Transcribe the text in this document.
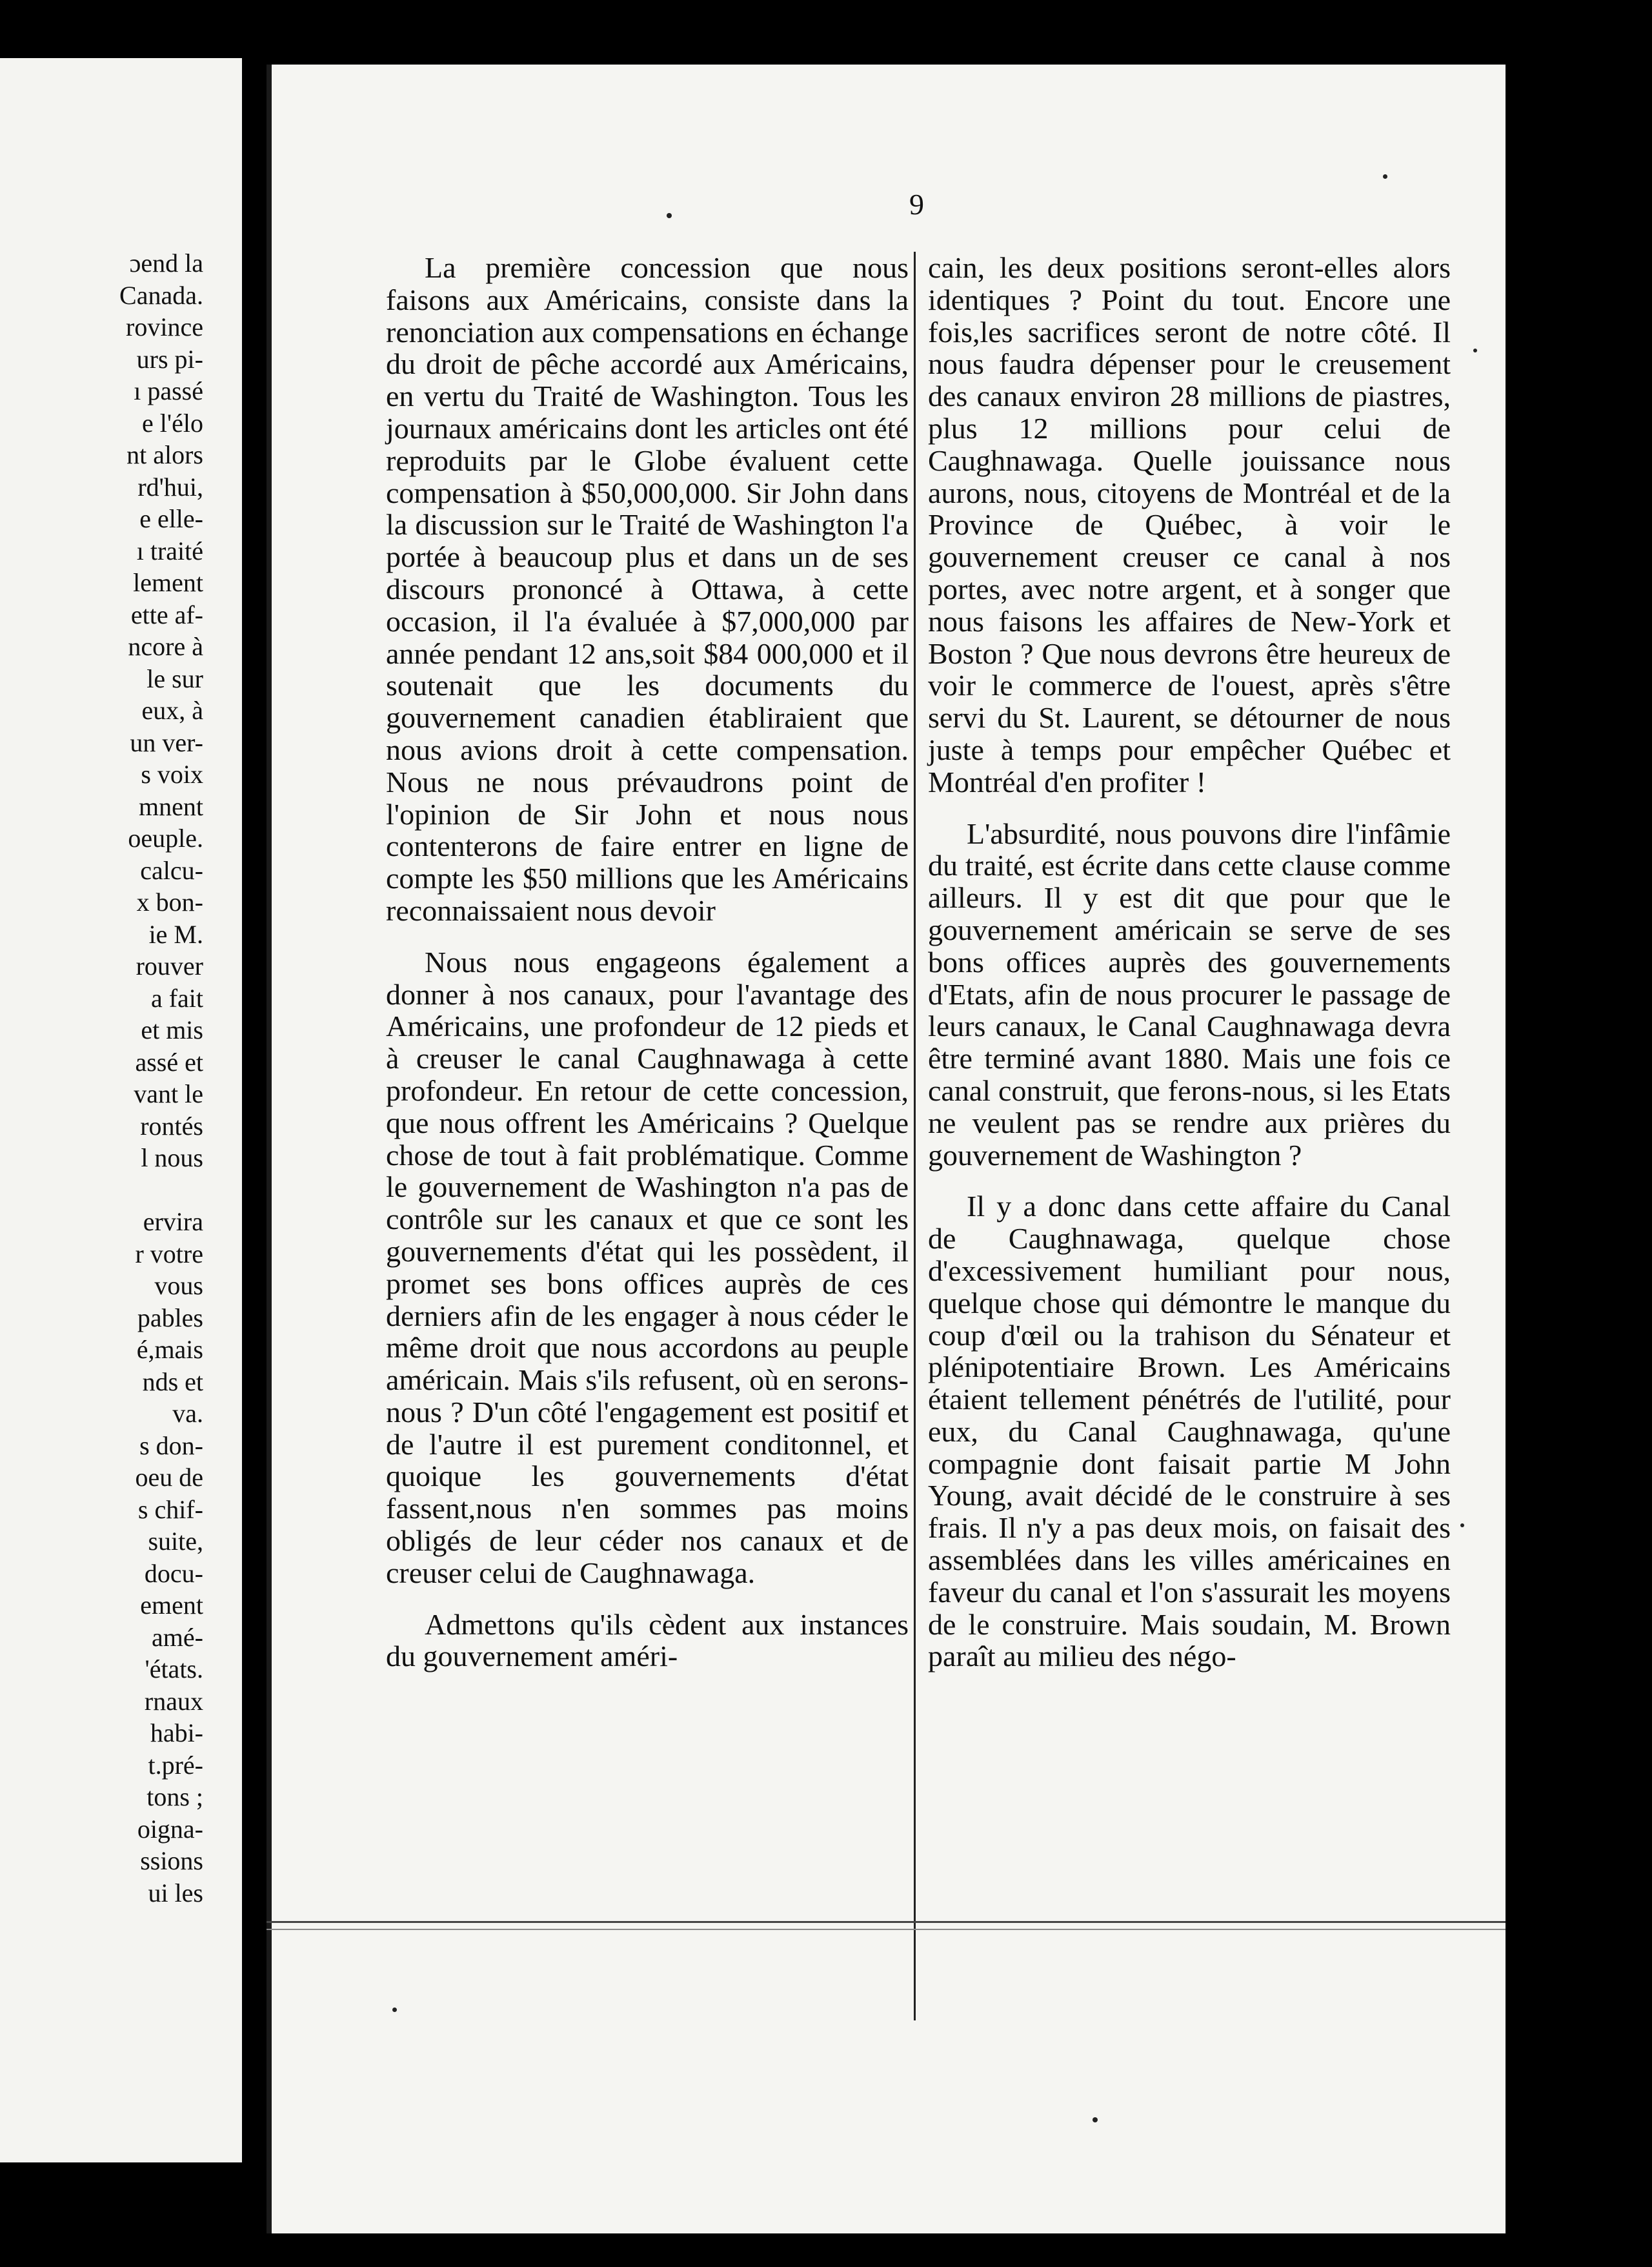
ɔend la
Canada.
rovince
urs pi-
ı passé
e l'élo
nt alors
rd'hui,
e elle-
ı traité
lement
ette af-
ncore à
le sur
eux, à
un ver-
s voix
mnent
oeuple.
calcu-
x bon-
ie M.
rouver
a fait
et mis
assé et
vant le
rontés
l nous
ervira
r votre
vous
pables
é,mais
nds et
va.
s don-
oeu de
s chif-
suite,
docu-
ement
amé-
'états.
rnaux
habi-
t.pré-
tons ;
oigna-
ssions
ui les
9

La première concession que nous faisons aux Américains, consiste dans la renonciation aux compensations en échange du droit de pêche accordé aux Américains, en vertu du Traité de Washington. Tous les journaux américains dont les articles ont été reproduits par le Globe évaluent cette compensation à $50,000,000. Sir John dans la discussion sur le Traité de Washington l'a portée à beaucoup plus et dans un de ses discours prononcé à Ottawa, à cette occasion, il l'a évaluée à $7,000,000 par année pendant 12 ans,soit $84 000,000 et il soutenait que les documents du gouvernement canadien établiraient que nous avions droit à cette compensation. Nous ne nous prévaudrons point de l'opinion de Sir John et nous nous contenterons de faire entrer en ligne de compte les $50 millions que les Américains reconnaissaient nous devoir

Nous nous engageons également a donner à nos canaux, pour l'avantage des Américains, une profondeur de 12 pieds et à creuser le canal Caughnawaga à cette profondeur. En retour de cette concession, que nous offrent les Américains ? Quelque chose de tout à fait problématique. Comme le gouvernement de Washington n'a pas de contrôle sur les canaux et que ce sont les gouvernements d'état qui les possèdent, il promet ses bons offices auprès de ces derniers afin de les engager à nous céder le même droit que nous accordons au peuple américain. Mais s'ils refusent, où en serons-nous ? D'un côté l'engagement est positif et de l'autre il est purement conditonnel, et quoique les gouvernements d'état fassent,nous n'en sommes pas moins obligés de leur céder nos canaux et de creuser celui de Caughnawaga.

Admettons qu'ils cèdent aux instances du gouvernement améri-

cain, les deux positions seront-elles alors identiques ? Point du tout. Encore une fois,les sacrifices seront de notre côté. Il nous faudra dépenser pour le creusement des canaux environ 28 millions de piastres, plus 12 millions pour celui de Caughnawaga. Quelle jouissance nous aurons, nous, citoyens de Montréal et de la Province de Québec, à voir le gouvernement creuser ce canal à nos portes, avec notre argent, et à songer que nous faisons les affaires de New-York et Boston ? Que nous devrons être heureux de voir le commerce de l'ouest, après s'être servi du St. Laurent, se détourner de nous juste à temps pour empêcher Québec et Montréal d'en profiter !

L'absurdité, nous pouvons dire l'infâmie du traité, est écrite dans cette clause comme ailleurs. Il y est dit que pour que le gouvernement américain se serve de ses bons offices auprès des gouvernements d'Etats, afin de nous procurer le passage de leurs canaux, le Canal Caughnawaga devra être terminé avant 1880. Mais une fois ce canal construit, que ferons-nous, si les Etats ne veulent pas se rendre aux prières du gouvernement de Washington ?

Il y a donc dans cette affaire du Canal de Caughnawaga, quelque chose d'excessivement humiliant pour nous, quelque chose qui démontre le manque du coup d'œil ou la trahison du Sénateur et plénipotentiaire Brown. Les Américains étaient tellement pénétrés de l'utilité, pour eux, du Canal Caughnawaga, qu'une compagnie dont faisait partie M John Young, avait décidé de le construire à ses frais. Il n'y a pas deux mois, on faisait des assemblées dans les villes américaines en faveur du canal et l'on s'assurait les moyens de le construire. Mais soudain, M. Brown paraît au milieu des négo-
